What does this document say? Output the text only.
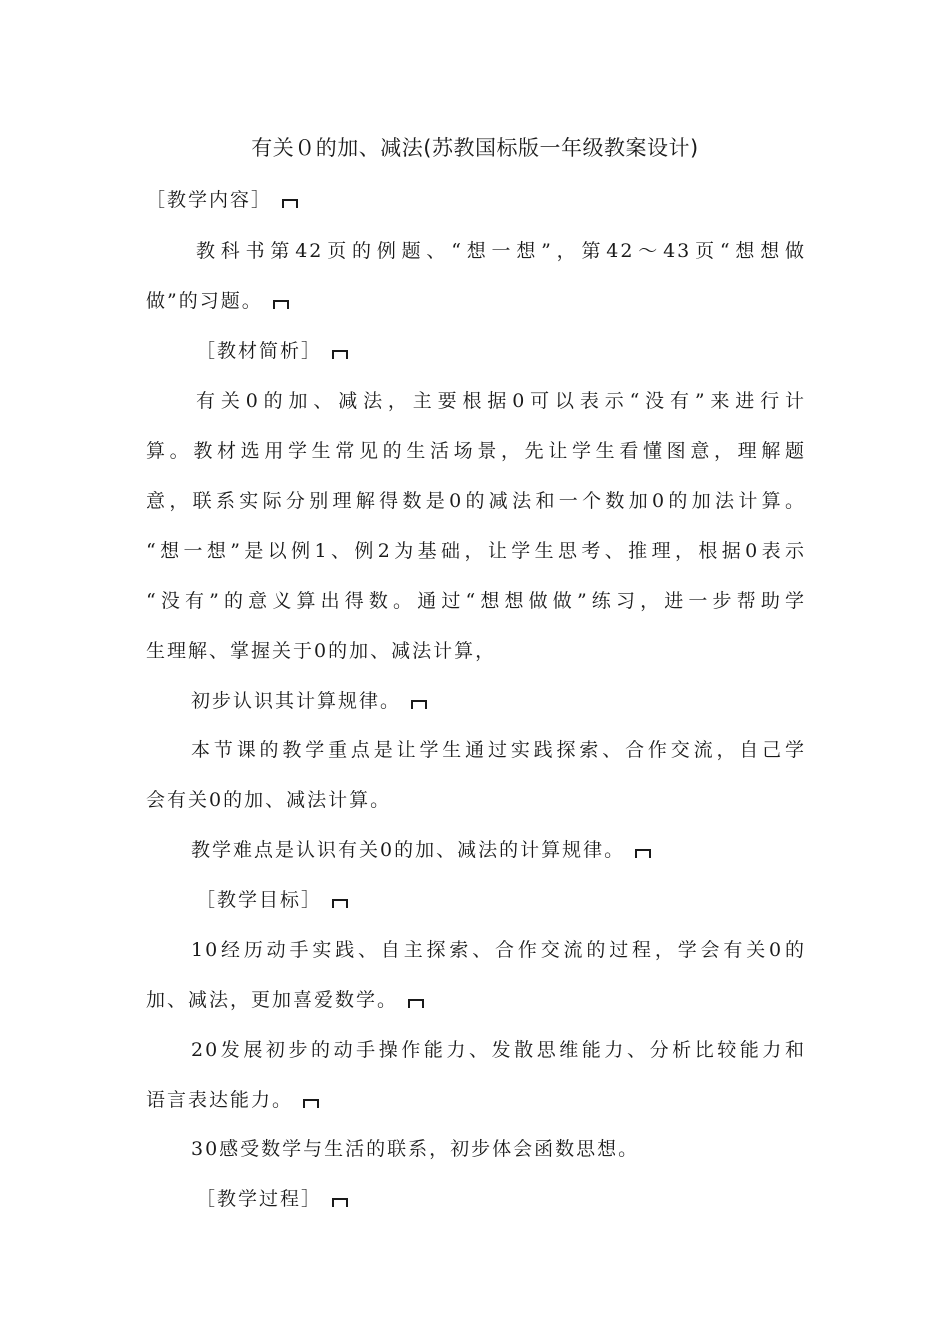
有关０的加、减法(苏教国标版一年级教案设计)
［教学内容］
教科书第42页的例题、“想一想”，第42～43页“想想做
做”的习题。
［教材简析］
有关0的加、减法，主要根据0可以表示“没有”来进行计
算。教材选用学生常见的生活场景，先让学生看懂图意，理解题
意，联系实际分别理解得数是0的减法和一个数加0的加法计算。
“想一想”是以例1、例2为基础，让学生思考、推理，根据0表示
“没有”的意义算出得数。通过“想想做做”练习，进一步帮助学
生理解、掌握关于0的加、减法计算，
初步认识其计算规律。
本节课的教学重点是让学生通过实践探索、合作交流，自己学
会有关0的加、减法计算。
教学难点是认识有关0的加、减法的计算规律。
［教学目标］
10经历动手实践、自主探索、合作交流的过程，学会有关0的
加、减法，更加喜爱数学。
20发展初步的动手操作能力、发散思维能力、分析比较能力和
语言表达能力。
30感受数学与生活的联系，初步体会函数思想。
［教学过程］
